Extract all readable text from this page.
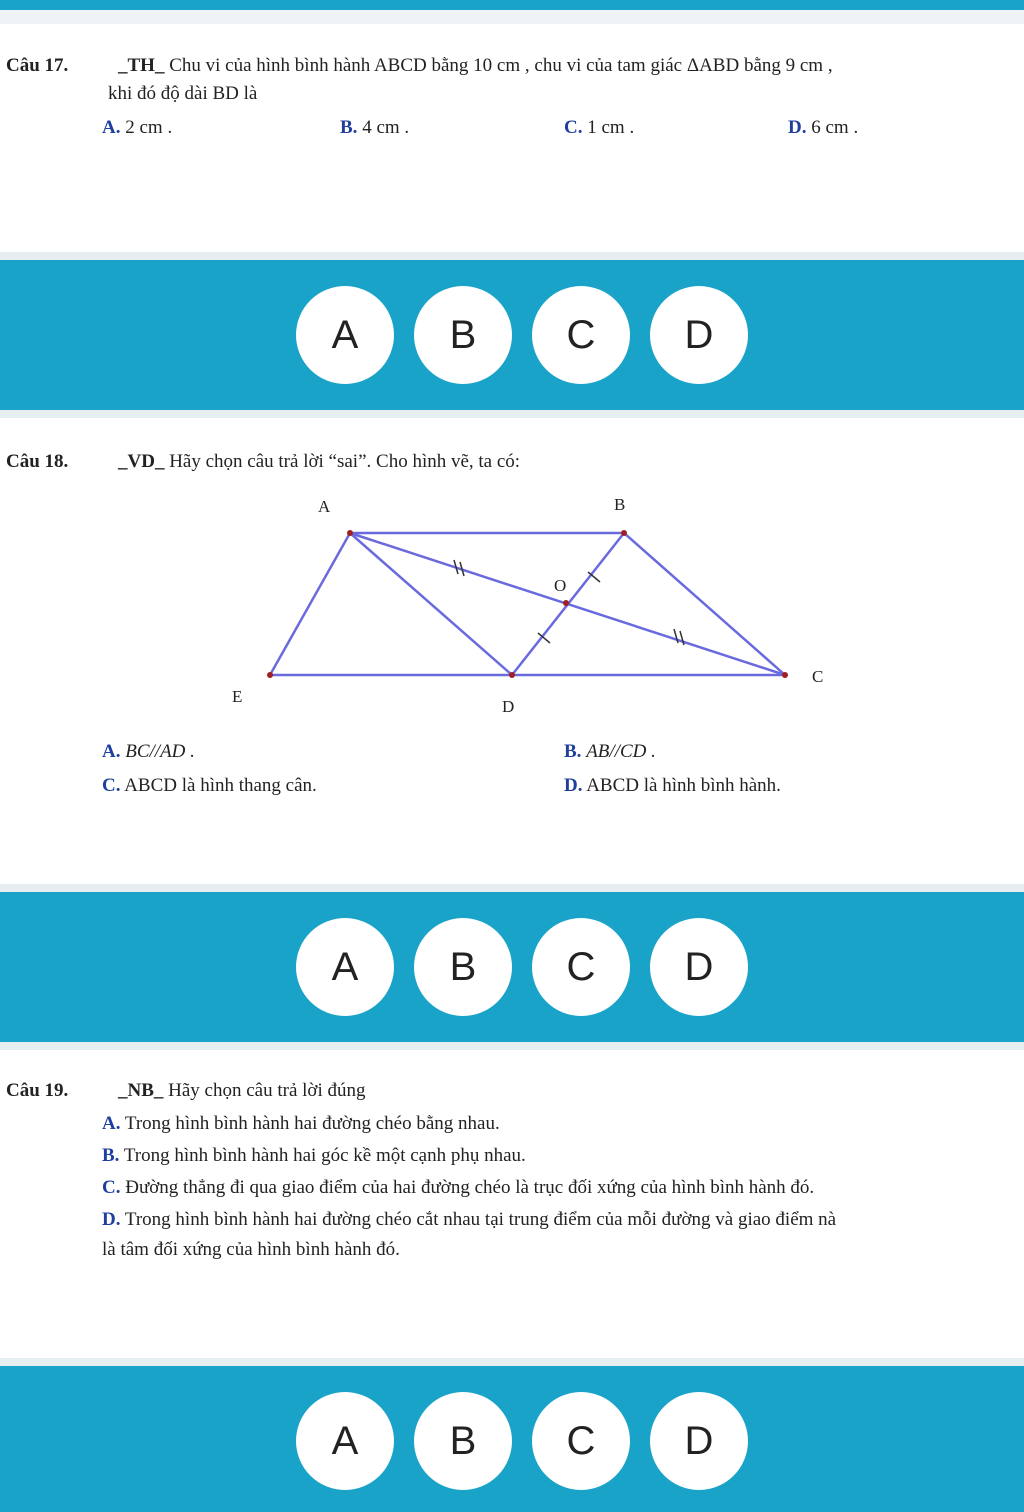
Câu 17.	_TH_ Chu vi của hình bình hành ABCD bằng 10 cm , chu vi của tam giác ΔABD bằng 9 cm ,
khi đó độ dài BD là
A. 2 cm .	B. 4 cm .	C. 1 cm .	D. 6 cm .
A	B	C	D
Câu 18.	_VD_ Hãy chọn câu trả lời “sai”. Cho hình vẽ, ta có:
A	B
C
D
E
O
A. BC//AD .	B. AB//CD .
C. ABCD là hình thang cân.	D. ABCD là hình bình hành.
A	B	C	D
Câu 19.	_NB_ Hãy chọn câu trả lời đúng
A. Trong hình bình hành hai đường chéo bằng nhau.
B. Trong hình bình hành hai góc kề một cạnh phụ nhau.
C. Đường thẳng đi qua giao điểm của hai đường chéo là trục đối xứng của hình bình hành đó.
D. Trong hình bình hành hai đường chéo cắt nhau tại trung điểm của mỗi đường và giao điểm nà
là tâm đối xứng của hình bình hành đó.
A	B	C	D
